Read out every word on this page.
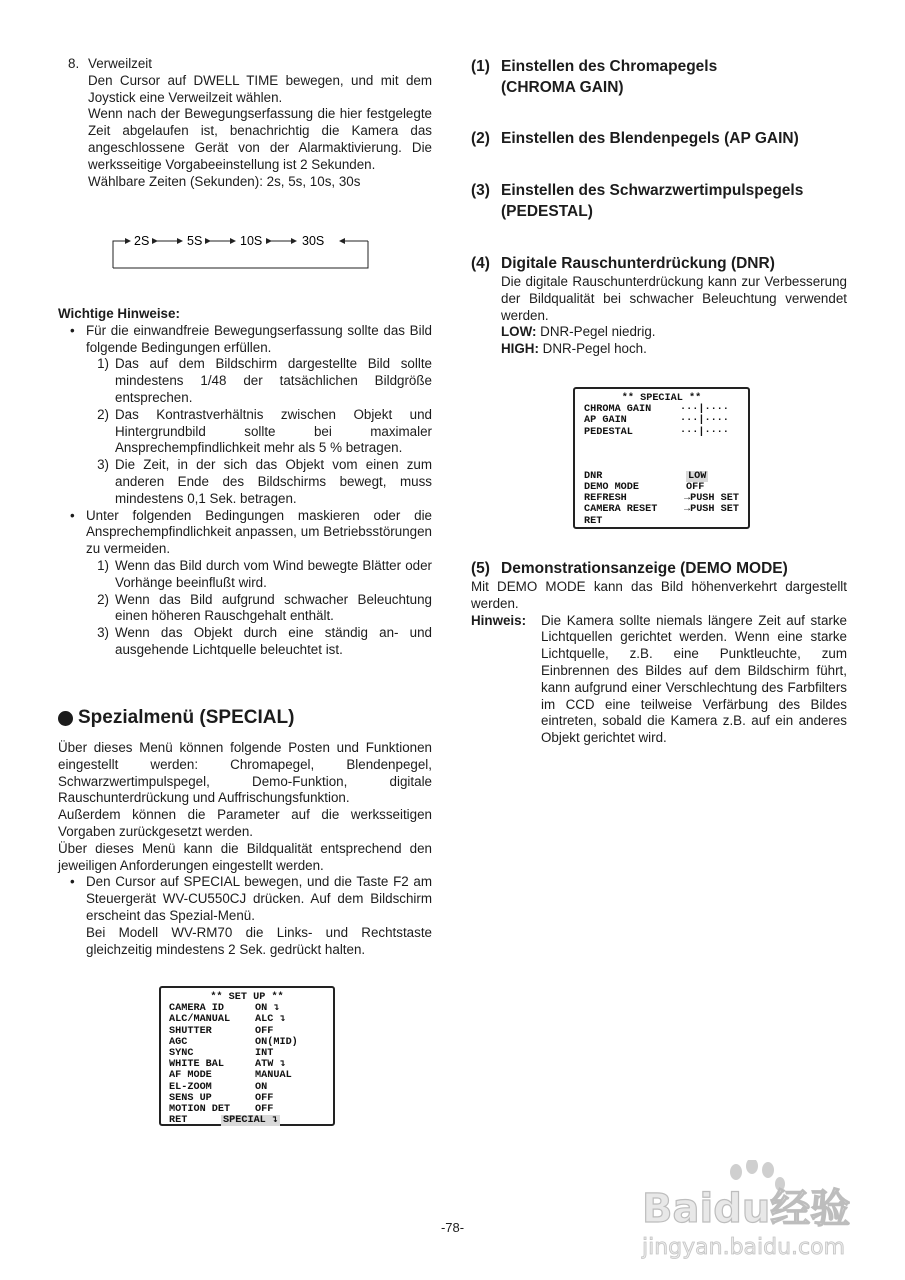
8. Verweilzeit

Den Cursor auf DWELL TIME bewegen, und mit dem Joystick eine Verweilzeit wählen.

Wenn nach der Bewegungserfassung die hier festgelegte Zeit abgelaufen ist, benachrichtig die Kamera das angeschlossene Gerät von der Alarmaktivierung. Die werksseitige Vorgabeeinstellung ist 2 Sekunden.

Wählbare Zeiten (Sekunden): 2s, 5s, 10s, 30s

2S	5S	10S	30S

Wichtige Hinweise:

• Für die einwandfreie Bewegungserfassung sollte das Bild folgende Bedingungen erfüllen.
1) Das auf dem Bildschirm dargestellte Bild sollte mindestens 1/48 der tatsächlichen Bildgröße entsprechen.
2) Das Kontrastverhältnis zwischen Objekt und Hintergrundbild sollte bei maximaler Ansprechempfindlichkeit mehr als 5 % betragen.
3) Die Zeit, in der sich das Objekt vom einen zum anderen Ende des Bildschirms bewegt, muss mindestens 0,1 Sek. betragen.
• Unter folgenden Bedingungen maskieren oder die Ansprechempfindlichkeit anpassen, um Betriebsstörungen zu vermeiden.
1) Wenn das Bild durch vom Wind bewegte Blätter oder Vorhänge beeinflußt wird.
2) Wenn das Bild aufgrund schwacher Beleuchtung einen höheren Rauschgehalt enthält.
3) Wenn das Objekt durch eine ständig an- und ausgehende Lichtquelle beleuchtet ist.
Spezialmenü (SPECIAL)

Über dieses Menü können folgende Posten und Funktionen eingestellt werden: Chromapegel, Blendenpegel, Schwarzwertimpulspegel, Demo-Funktion, digitale Rauschunterdrückung und Auffrischungsfunktion.

Außerdem können die Parameter auf die werksseitigen Vorgaben zurückgesetzt werden.

Über dieses Menü kann die Bildqualität entsprechend den jeweiligen Anforderungen eingestellt werden.

• Den Cursor auf SPECIAL bewegen, und die Taste F2 am Steuergerät WV-CU550CJ drücken. Auf dem Bildschirm erscheint das Spezial-Menü.

Bei Modell WV-RM70 die Links- und Rechtstaste gleichzeitig mindestens 2 Sek. gedrückt halten.

** SET UP **
CAMERA ID	ON ↴
ALC/MANUAL	ALC ↴
SHUTTER	OFF
AGC	ON(MID)
SYNC	INT
WHITE BAL	ATW ↴
AF MODE	MANUAL
EL-ZOOM	ON
SENS UP	OFF
MOTION DET	OFF
RET	SPECIAL ↴
(1) Einstellen des Chromapegels
(CHROMA GAIN)
(2) Einstellen des Blendenpegels (AP GAIN)
(3) Einstellen des Schwarzwertimpulspegels
(PEDESTAL)
(4) Digitale Rauschunterdrückung (DNR)

Die digitale Rauschunterdrückung kann zur Verbesserung der Bildqualität bei schwacher Beleuchtung verwendet werden.

LOW: DNR-Pegel niedrig.

HIGH: DNR-Pegel hoch.

** SPECIAL **
CHROMA GAIN	···|····
AP GAIN	···|····
PEDESTAL	···|····
DNR	LOW
DEMO MODE	OFF
REFRESH	→PUSH SET
CAMERA RESET	→PUSH SET
RET
(5) Demonstrationsanzeige (DEMO MODE)

Mit DEMO MODE kann das Bild höhenverkehrt dargestellt werden.

Hinweis:	Die Kamera sollte niemals längere Zeit auf starke Lichtquellen gerichtet werden. Wenn eine starke Lichtquelle, z.B. eine Punktleuchte, zum Einbrennen des Bildes auf dem Bildschirm führt, kann aufgrund einer Verschlechtung des Farbfilters im CCD eine teilweise Verfärbung des Bildes eintreten, sobald die Kamera z.B. auf ein anderes Objekt gerichtet wird.

-78-	Baidu经验
jingyan.baidu.com
